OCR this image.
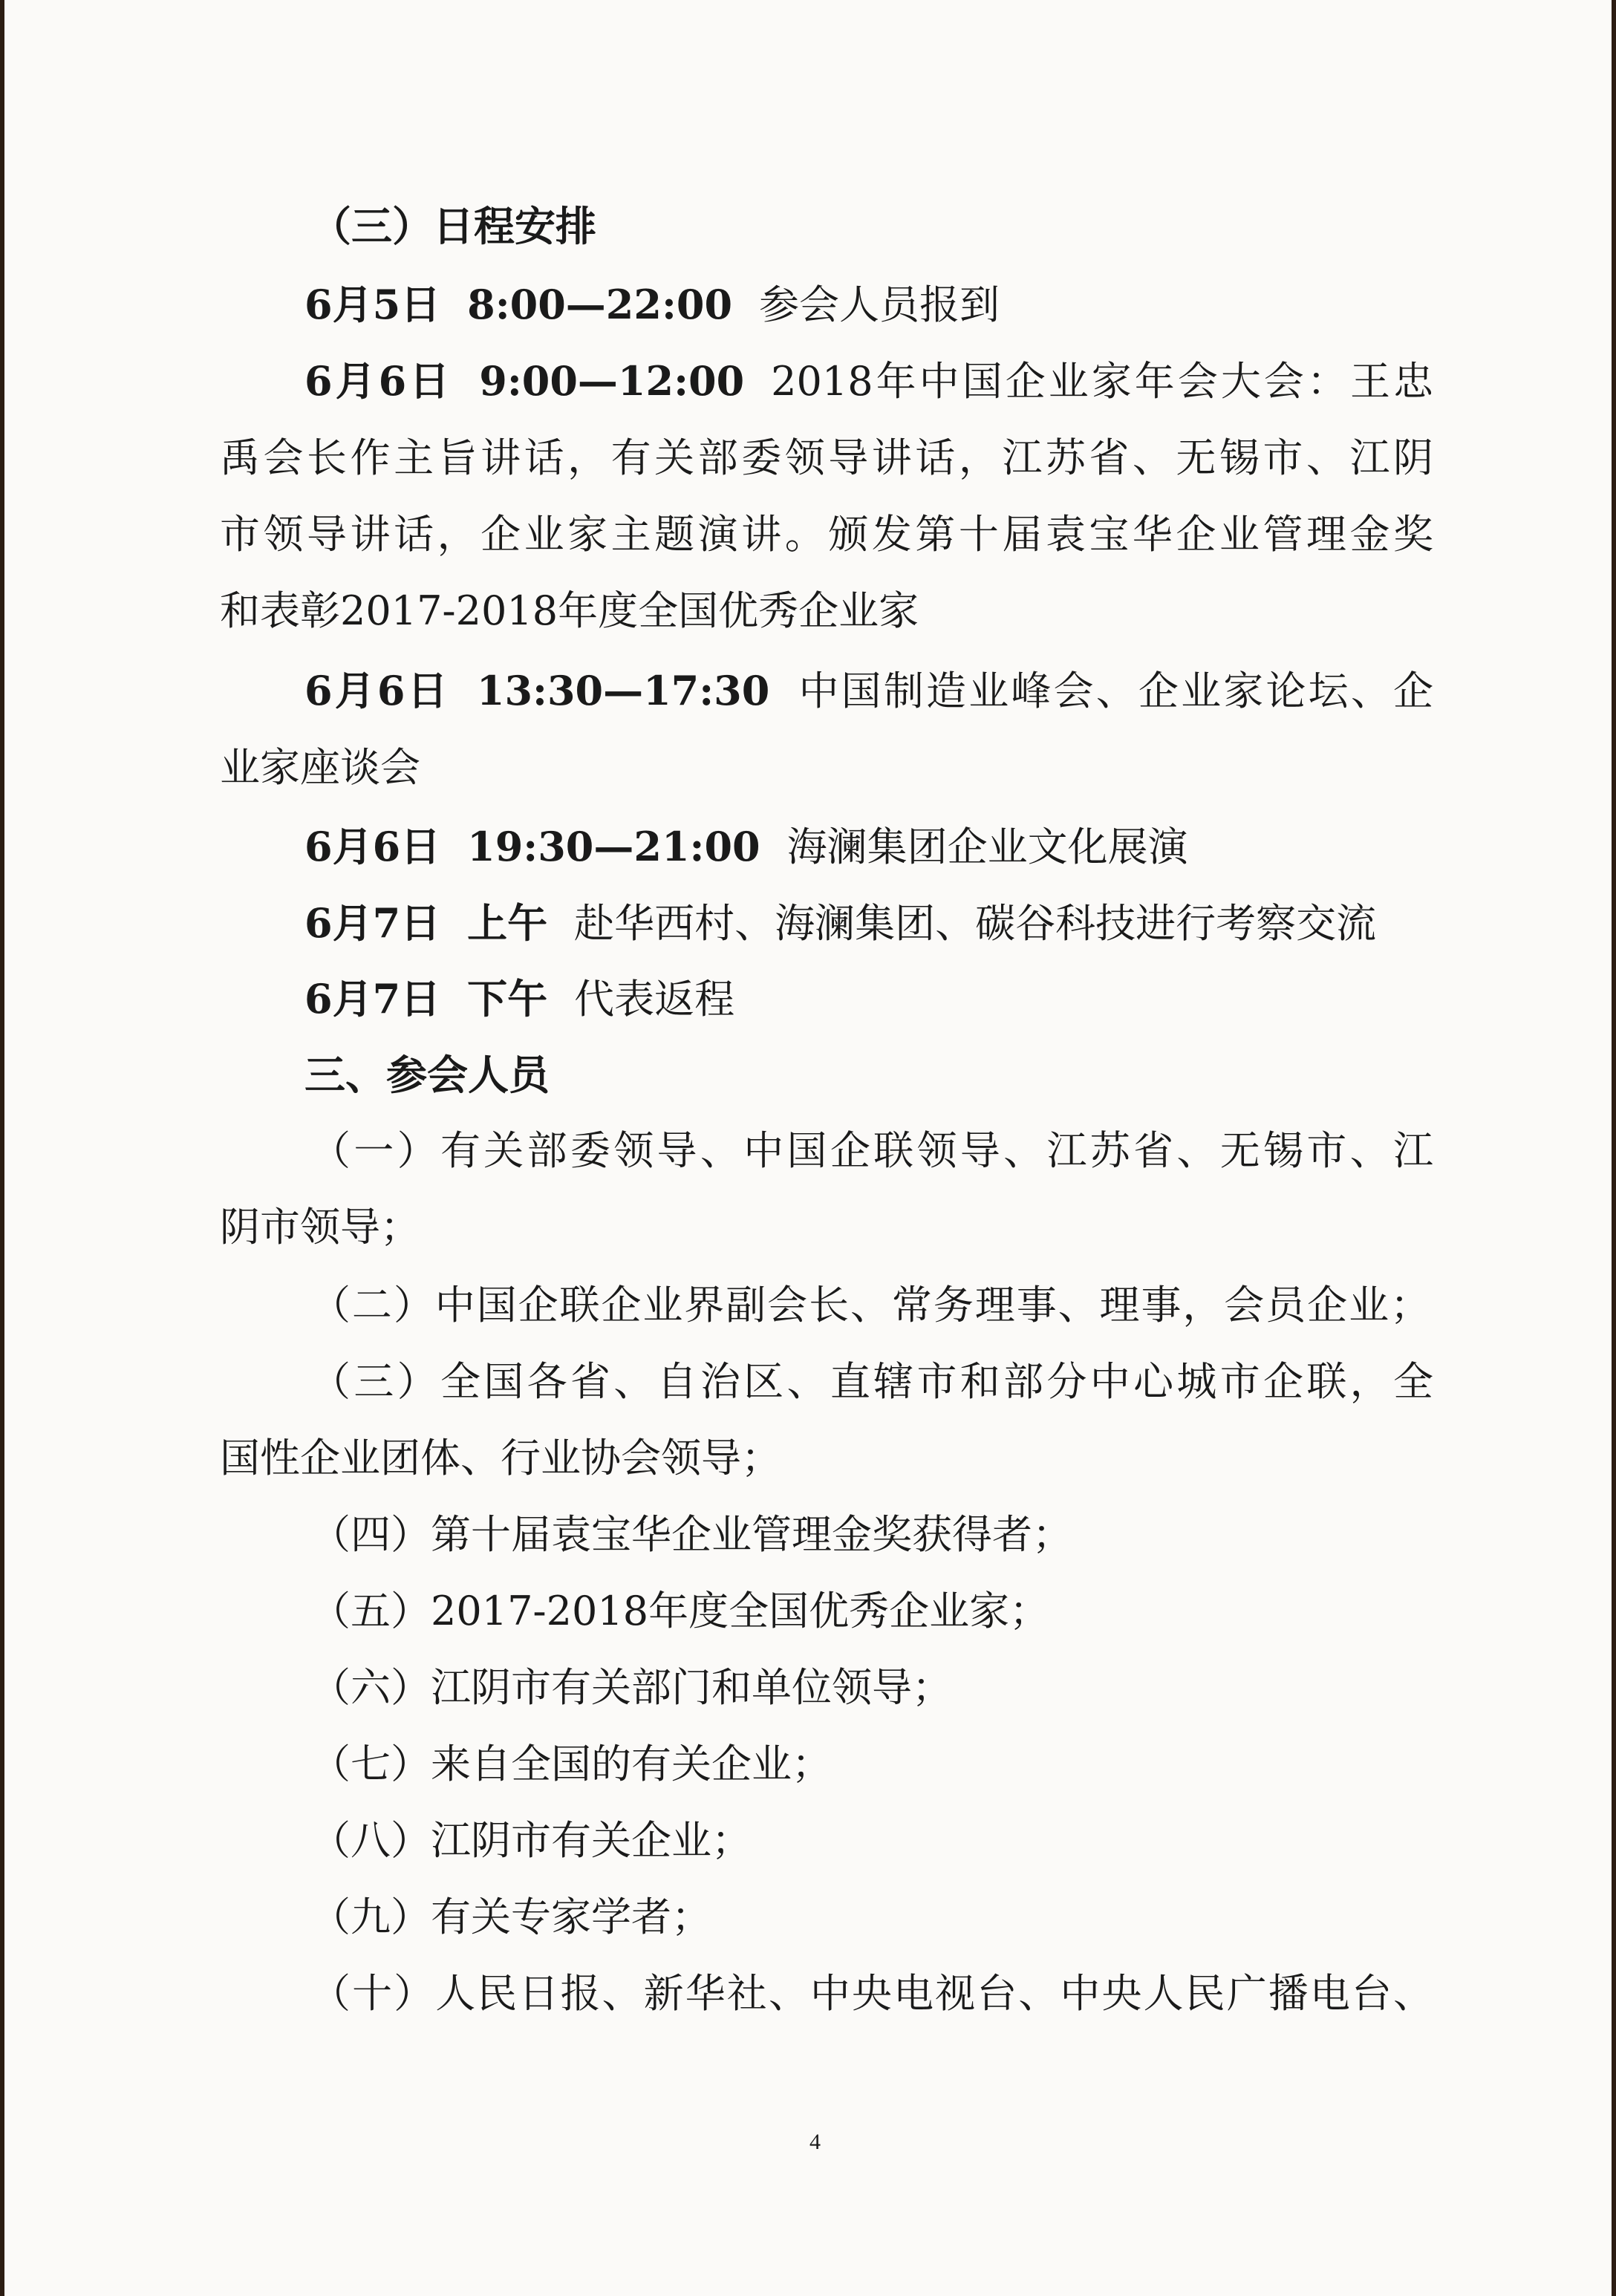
（三）日程安排
6月5日 8:00—22:00 参会人员报到
6月6日 9:00—12:00 2018年中国企业家年会大会：王忠
禹会长作主旨讲话，有关部委领导讲话，江苏省、无锡市、江阴
市领导讲话，企业家主题演讲。颁发第十届袁宝华企业管理金奖
和表彰2017-2018年度全国优秀企业家
6月6日 13:30—17:30 中国制造业峰会、企业家论坛、企
业家座谈会
6月6日 19:30—21:00 海澜集团企业文化展演
6月7日 上午 赴华西村、海澜集团、碳谷科技进行考察交流
6月7日 下午 代表返程
三、参会人员
（一）有关部委领导、中国企联领导、江苏省、无锡市、江
阴市领导；
（二）中国企联企业界副会长、常务理事、理事，会员企业；
（三）全国各省、自治区、直辖市和部分中心城市企联，全
国性企业团体、行业协会领导；
（四）第十届袁宝华企业管理金奖获得者；
（五）2017-2018年度全国优秀企业家；
（六）江阴市有关部门和单位领导；
（七）来自全国的有关企业；
（八）江阴市有关企业；
（九）有关专家学者；
（十）人民日报、新华社、中央电视台、中央人民广播电台、
4
